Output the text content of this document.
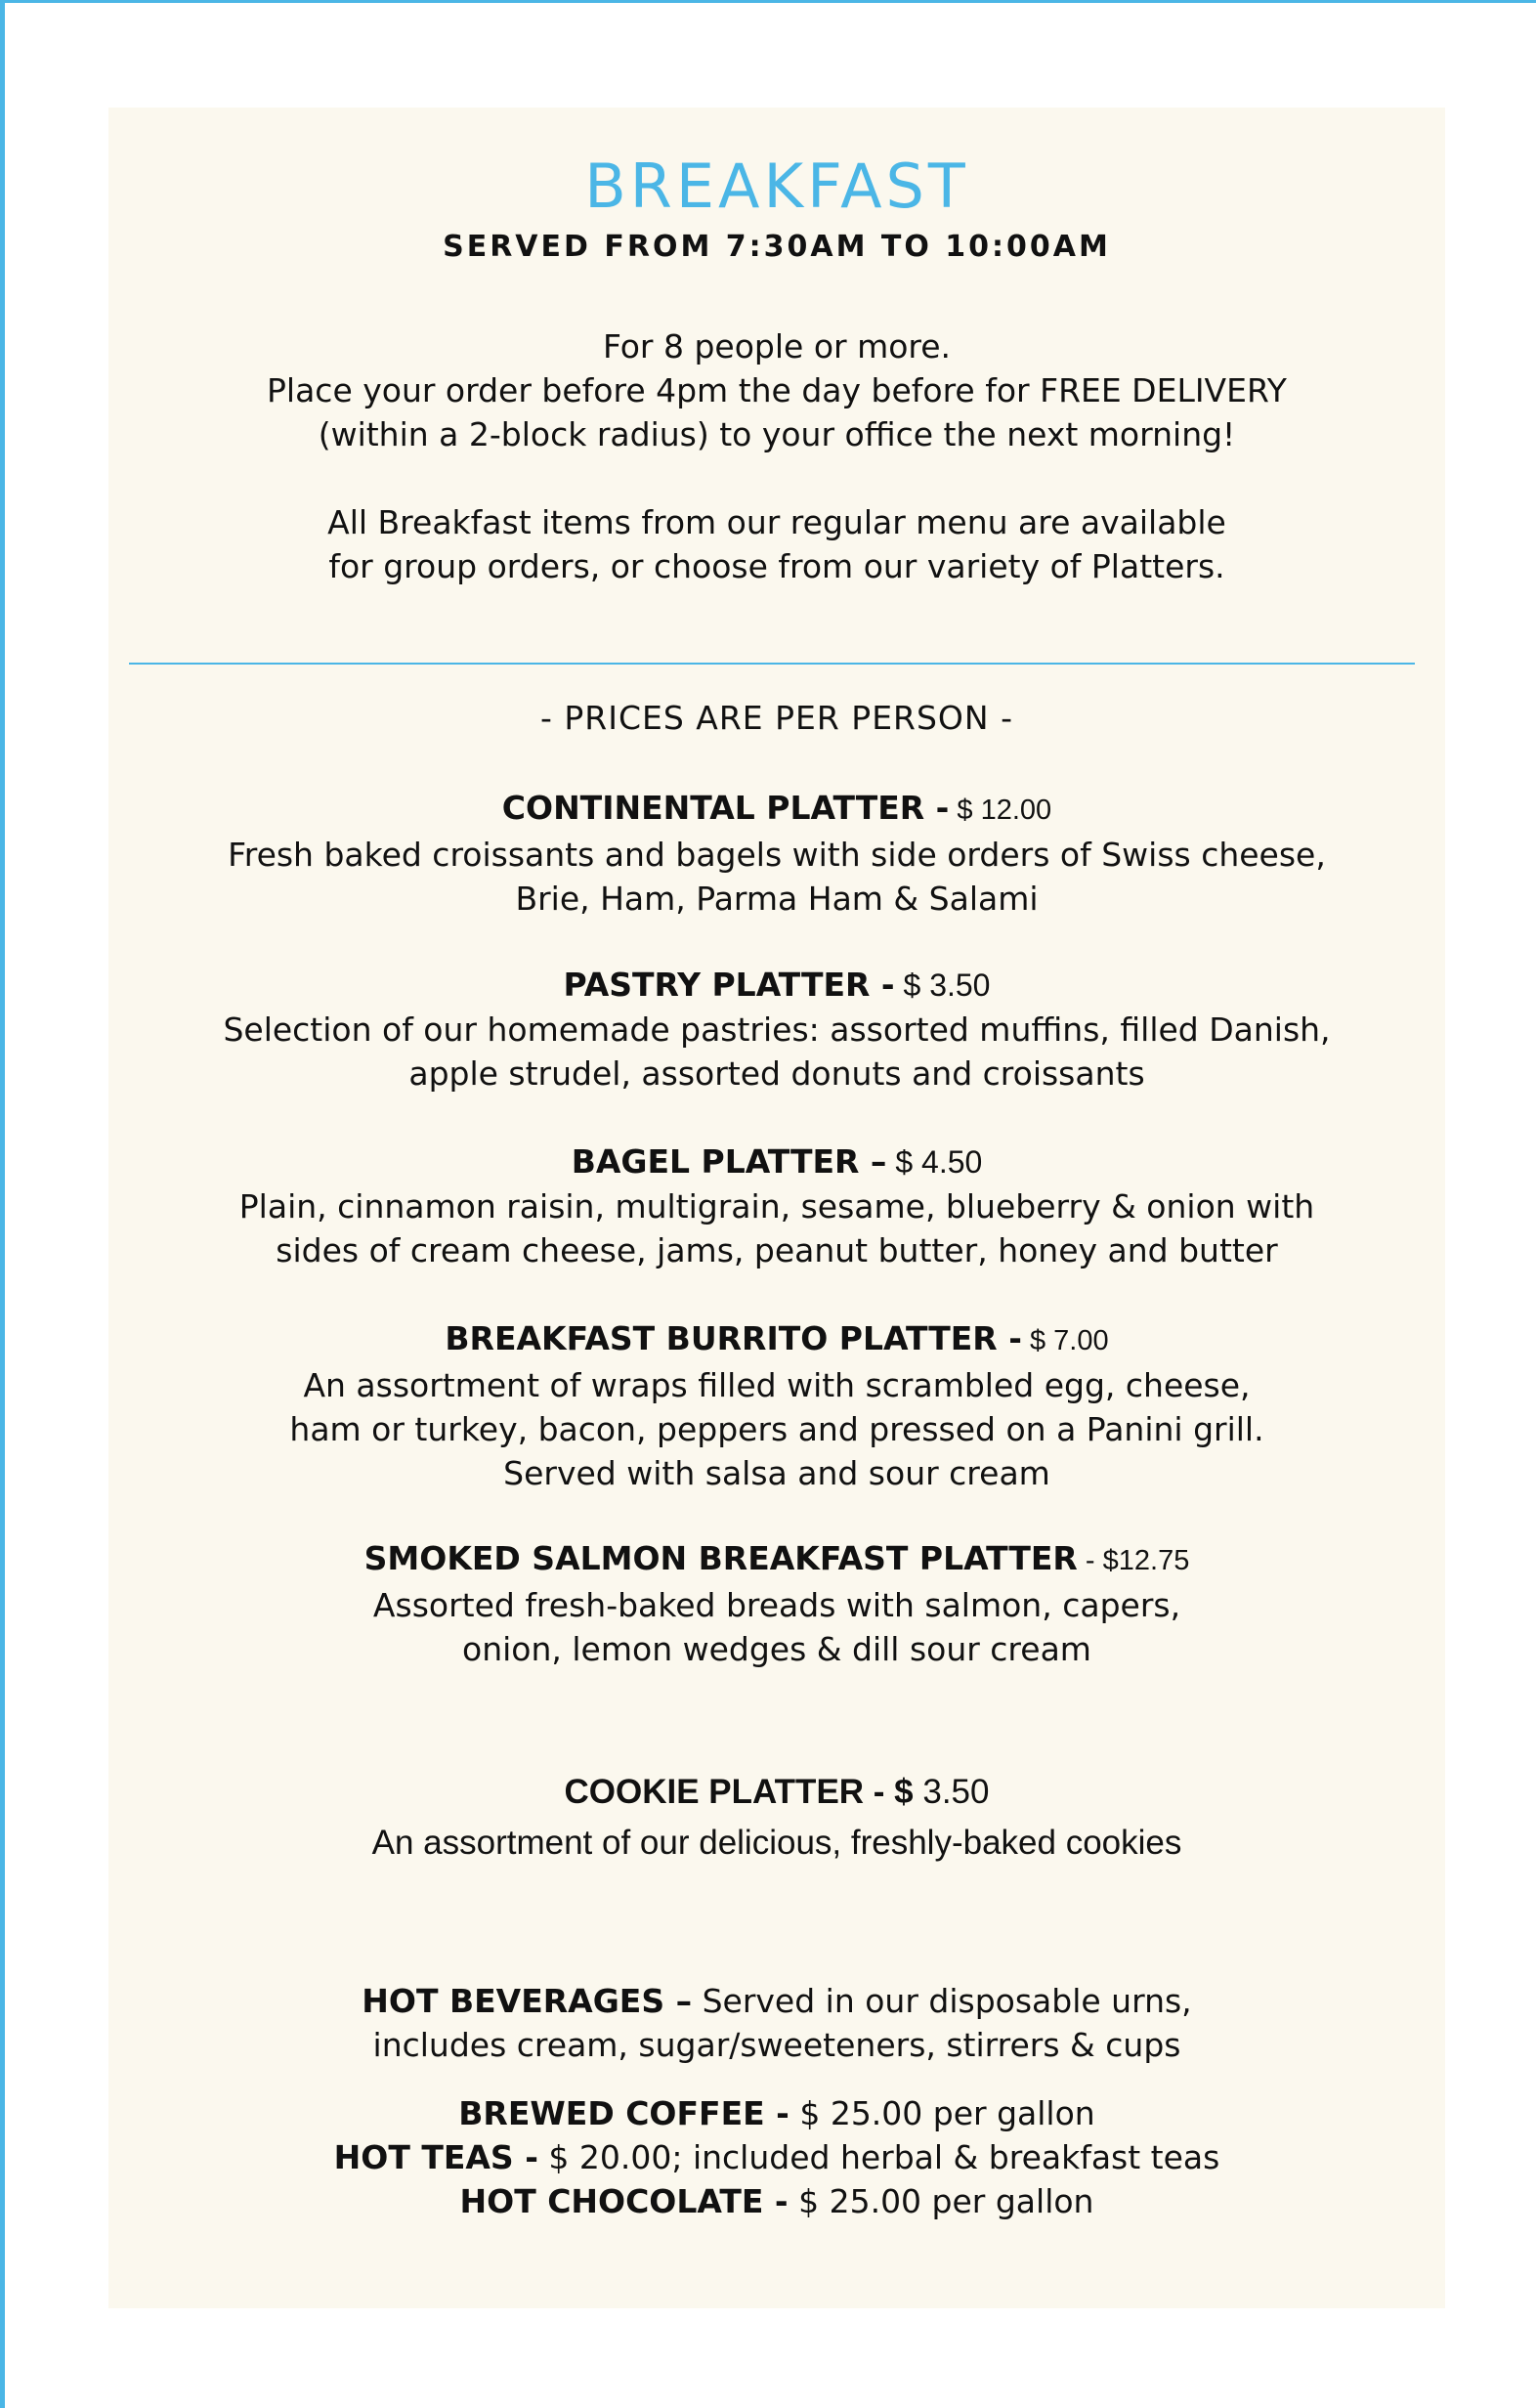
BREAKFAST
SERVED FROM 7:30AM TO 10:00AM

For 8 people or more.

Place your order before 4pm the day before for FREE DELIVERY

(within a 2-block radius) to your office the next morning!

All Breakfast items from our regular menu are available

for group orders, or choose from our variety of Platters.

- PRICES ARE PER PERSON -

CONTINENTAL PLATTER - $ 12.00

Fresh baked croissants and bagels with side orders of Swiss cheese,

Brie, Ham, Parma Ham & Salami

PASTRY PLATTER - $ 3.50

Selection of our homemade pastries: assorted muffins, filled Danish,

apple strudel, assorted donuts and croissants

BAGEL PLATTER – $ 4.50

Plain, cinnamon raisin, multigrain, sesame, blueberry & onion with

sides of cream cheese, jams, peanut butter, honey and butter

BREAKFAST BURRITO PLATTER - $ 7.00

An assortment of wraps filled with scrambled egg, cheese,

ham or turkey, bacon, peppers and pressed on a Panini grill.

Served with salsa and sour cream

SMOKED SALMON BREAKFAST PLATTER - $12.75

Assorted fresh-baked breads with salmon, capers,

onion, lemon wedges & dill sour cream

COOKIE PLATTER - $ 3.50

An assortment of our delicious, freshly-baked cookies

HOT BEVERAGES – Served in our disposable urns,

includes cream, sugar/sweeteners, stirrers & cups

BREWED COFFEE - $ 25.00 per gallon

HOT TEAS - $ 20.00; included herbal & breakfast teas

HOT CHOCOLATE - $ 25.00 per gallon
